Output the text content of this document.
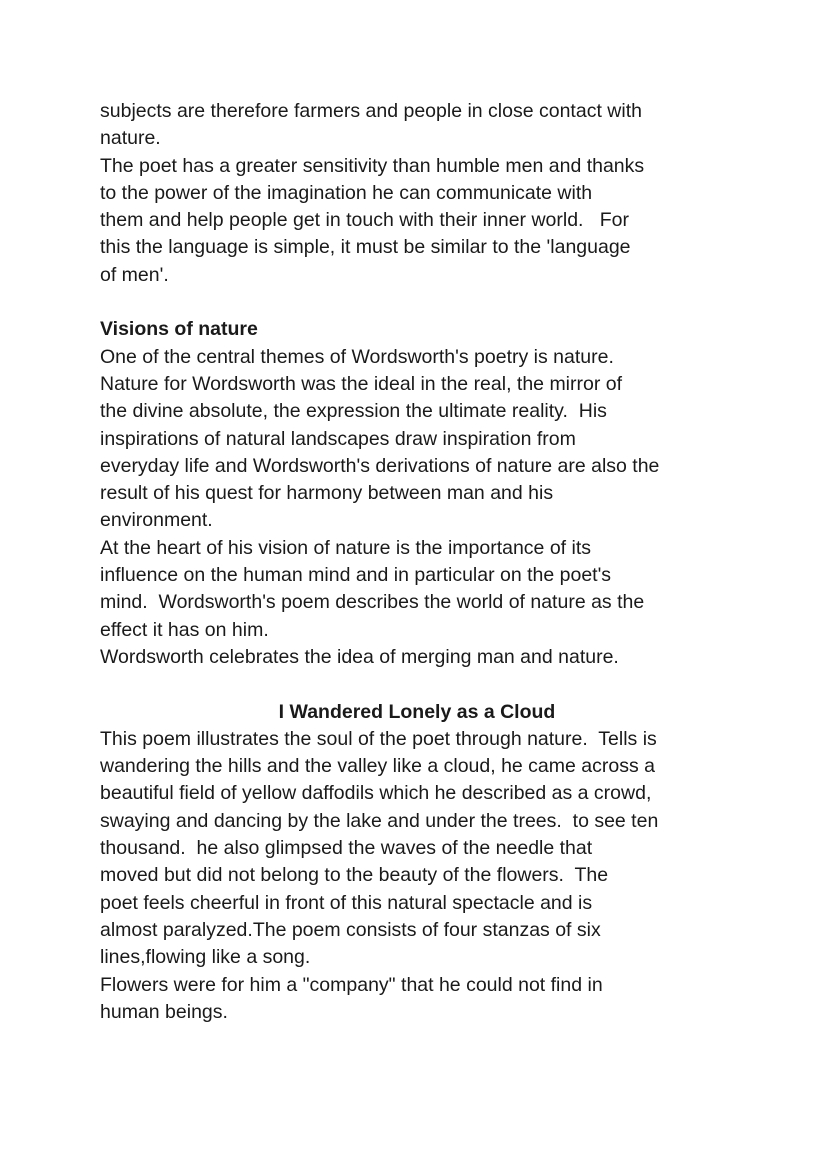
subjects are therefore farmers and people in close contact with
nature.
The poet has a greater sensitivity than humble men and thanks
to the power of the imagination he can communicate with
them and help people get in touch with their inner world.   For
this the language is simple, it must be similar to the 'language
of men'.
Visions of nature
One of the central themes of Wordsworth's poetry is nature.
Nature for Wordsworth was the ideal in the real, the mirror of
the divine absolute, the expression the ultimate reality.  His
inspirations of natural landscapes draw inspiration from
everyday life and Wordsworth's derivations of nature are also the
result of his quest for harmony between man and his
environment.
At the heart of his vision of nature is the importance of its
influence on the human mind and in particular on the poet's
mind.  Wordsworth's poem describes the world of nature as the
effect it has on him.
Wordsworth celebrates the idea of merging man and nature.
I Wandered Lonely as a Cloud
This poem illustrates the soul of the poet through nature.  Tells is
wandering the hills and the valley like a cloud, he came across a
beautiful field of yellow daffodils which he described as a crowd,
swaying and dancing by the lake and under the trees.  to see ten
thousand.  he also glimpsed the waves of the needle that
moved but did not belong to the beauty of the flowers.  The
poet feels cheerful in front of this natural spectacle and is
almost paralyzed.The poem consists of four stanzas of six
lines,flowing like a song.
Flowers were for him a "company" that he could not find in
human beings.
